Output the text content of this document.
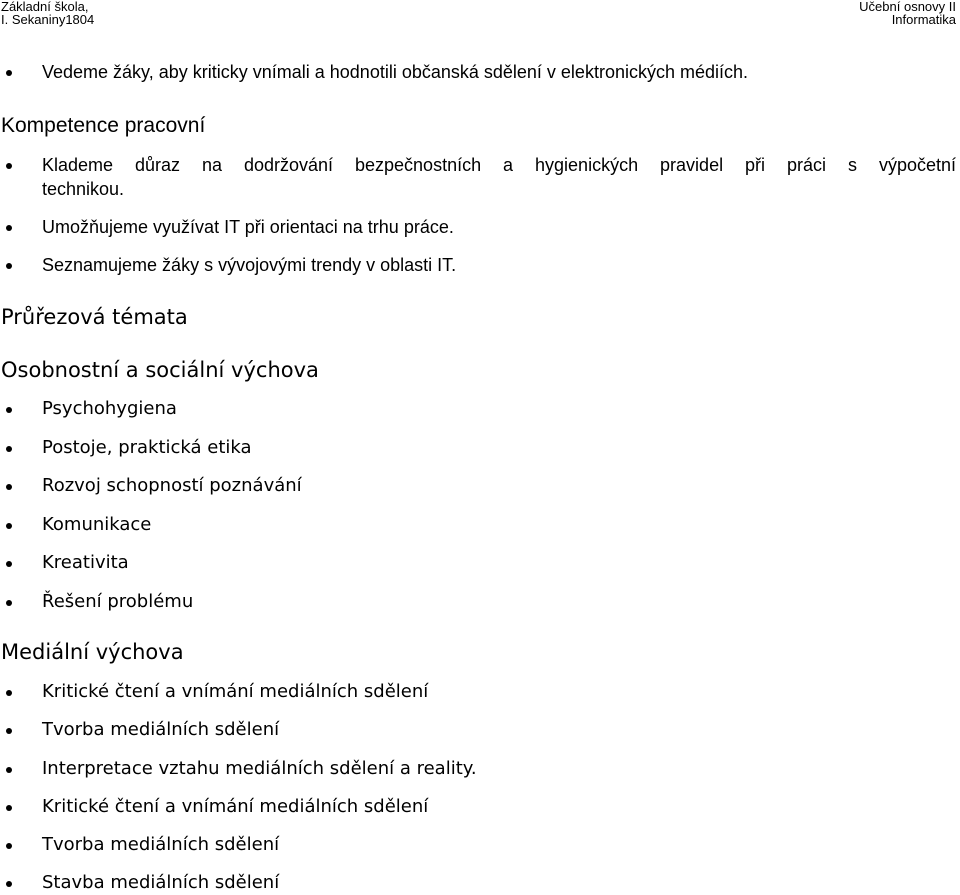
Základní škola,
I. Sekaniny1804
Učební osnovy II
Informatika
Vedeme žáky, aby kriticky vnímali a hodnotili občanská sdělení v elektronických médiích.
Kompetence pracovní
Klademe důraz na dodržování bezpečnostních a hygienických pravidel při práci s výpočetní
technikou.
Umožňujeme využívat IT při orientaci na trhu práce.
Seznamujeme žáky s vývojovými trendy v oblasti IT.
Průřezová témata
Osobnostní a sociální výchova
Psychohygiena
Postoje, praktická etika
Rozvoj schopností poznávání
Komunikace
Kreativita
Řešení problému
Mediální výchova
Kritické čtení a vnímání mediálních sdělení
Tvorba mediálních sdělení
Interpretace vztahu mediálních sdělení a reality.
Kritické čtení a vnímání mediálních sdělení
Tvorba mediálních sdělení
Stavba mediálních sdělení
